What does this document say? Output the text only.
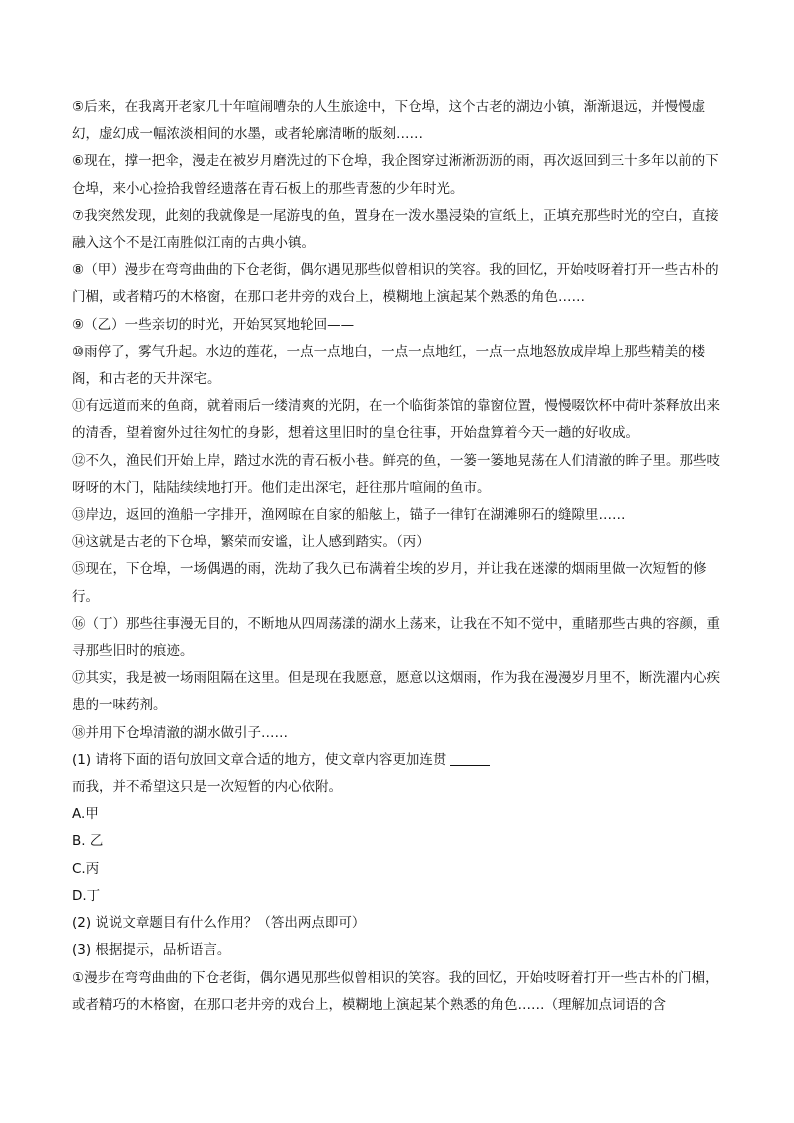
⑤后来，在我离开老家几十年喧闹嘈杂的人生旅途中，下仓埠，这个古老的湖边小镇，渐渐退远，并慢慢虚幻，虚幻成一幅浓淡相间的水墨，或者轮廓清晰的版刻……

⑥现在，撑一把伞，漫走在被岁月磨洗过的下仓埠，我企图穿过淅淅沥沥的雨，再次返回到三十多年以前的下仓埠，来小心捡拾我曾经遗落在青石板上的那些青葱的少年时光。

⑦我突然发现，此刻的我就像是一尾游曳的鱼，置身在一泼水墨浸染的宣纸上，正填充那些时光的空白，直接融入这个不是江南胜似江南的古典小镇。

⑧（甲）漫步在弯弯曲曲的下仓老街，偶尔遇见那些似曾相识的笑容。我的回忆，开始吱呀着打开一些古朴的门楣，或者精巧的木格窗，在那口老井旁的戏台上，模糊地上演起某个熟悉的角色……

⑨（乙）一些亲切的时光，开始冥冥地轮回——

⑩雨停了，雾气升起。水边的莲花，一点一点地白，一点一点地红，一点一点地怒放成岸埠上那些精美的楼阁，和古老的天井深宅。

⑪有远道而来的鱼商，就着雨后一缕清爽的光阴，在一个临街茶馆的靠窗位置，慢慢啜饮杯中荷叶茶释放出来的清香，望着窗外过往匆忙的身影，想着这里旧时的皇仓往事，开始盘算着今天一趟的好收成。

⑫不久，渔民们开始上岸，踏过水洗的青石板小巷。鲜亮的鱼，一篓一篓地晃荡在人们清澈的眸子里。那些吱呀呀的木门，陆陆续续地打开。他们走出深宅，赶往那片喧闹的鱼市。

⑬岸边，返回的渔船一字排开，渔网晾在自家的船舷上，锚子一律钉在湖滩卵石的缝隙里……

⑭这就是古老的下仓埠，繁荣而安谧，让人感到踏实。（丙）

⑮现在，下仓埠，一场偶遇的雨，洗劫了我久已布满着尘埃的岁月，并让我在迷濛的烟雨里做一次短暂的修行。

⑯（丁）那些往事漫无目的，不断地从四周荡漾的湖水上荡来，让我在不知不觉中，重睹那些古典的容颜，重寻那些旧时的痕迹。

⑰其实，我是被一场雨阻隔在这里。但是现在我愿意，愿意以这烟雨，作为我在漫漫岁月里不，断洗濯内心疾患的一味药剂。

⑱并用下仓埠清澈的湖水做引子……

(1) 请将下面的语句放回文章合适的地方，使文章内容更加连贯

而我，并不希望这只是一次短暂的内心依附。

A.甲

B. 乙

C.丙

D.丁

(2) 说说文章题目有什么作用？（答出两点即可）

(3) 根据提示，品析语言。

①漫步在弯弯曲曲的下仓老街，偶尔遇见那些似曾相识的笑容。我的回忆，开始吱呀着打开一些古朴的门楣，或者精巧的木格窗，在那口老井旁的戏台上，模糊地上演起某个熟悉的角色……（理解加点词语的含
